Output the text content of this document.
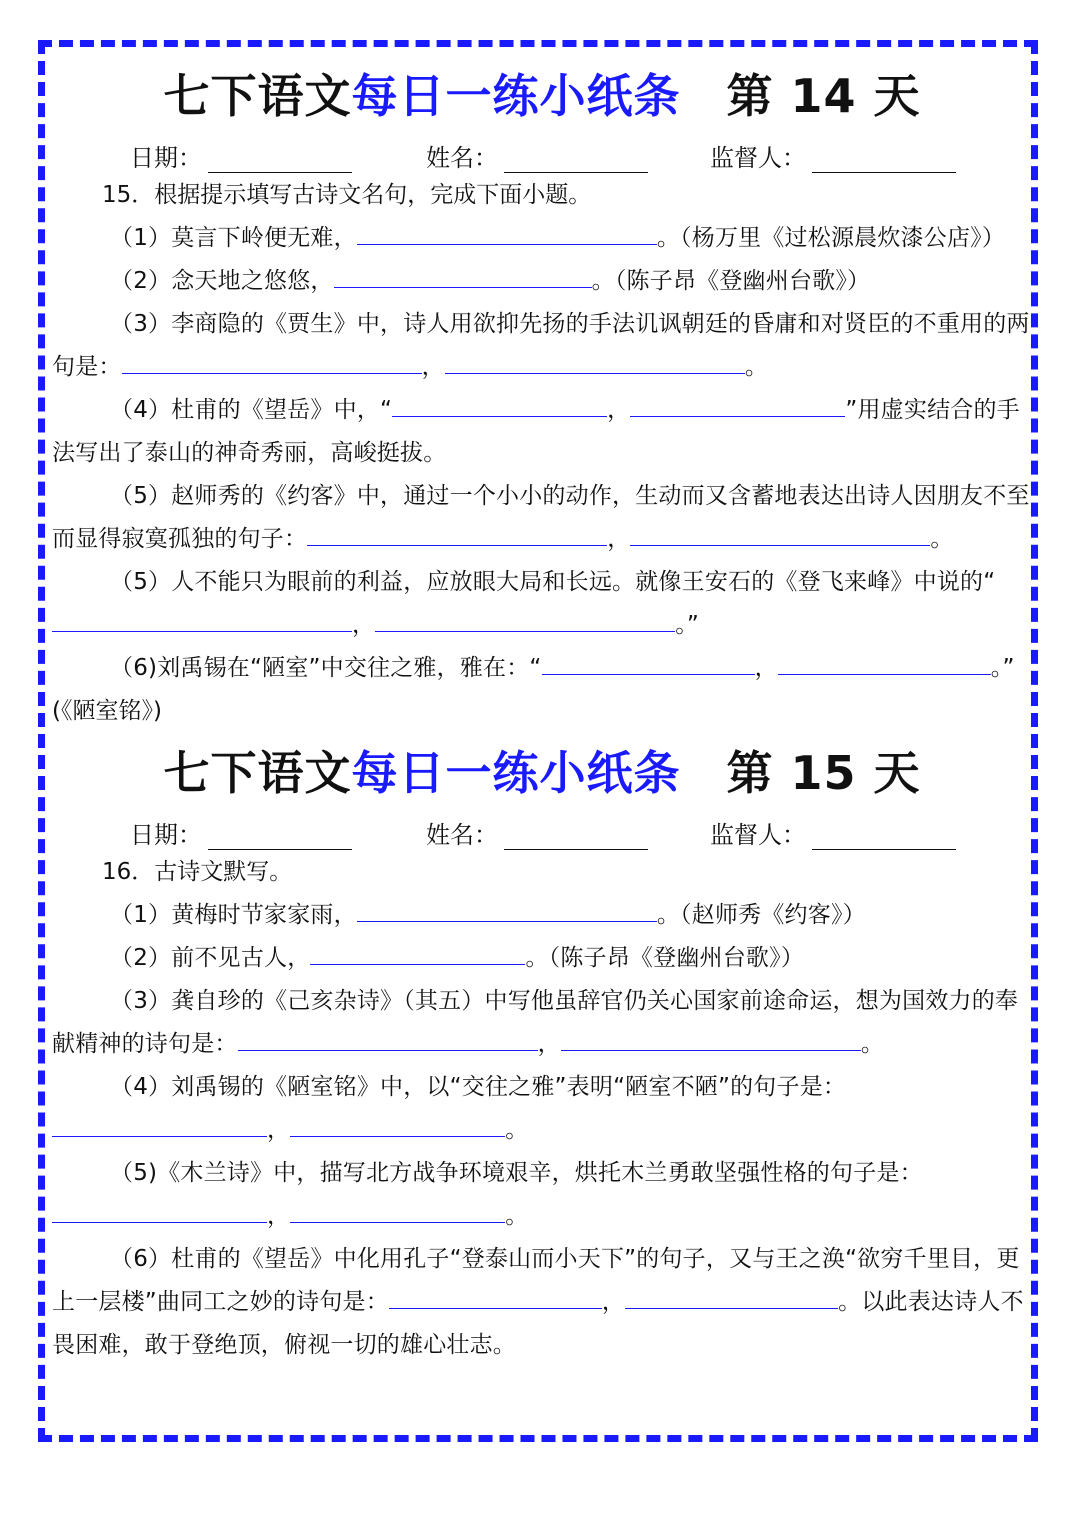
七下语文每日一练小纸条 第 14 天
日期：	姓名：	监督人：
15．根据提示填写古诗文名句，完成下面小题。

（1）莫言下岭便无难，	。（杨万里《过松源晨炊漆公店》）

（2）念天地之悠悠，	。（陈子昂《登幽州台歌》）

（3）李商隐的《贾生》中，诗人用欲抑先扬的手法讥讽朝廷的昏庸和对贤臣的不重用的两句是：	，	。

（4）杜甫的《望岳》中，“	，	”用虚实结合的手法写出了泰山的神奇秀丽，高峻挺拔。

（5）赵师秀的《约客》中，通过一个小小的动作，生动而又含蓄地表达出诗人因朋友不至而显得寂寞孤独的句子：	，	。

（5）人不能只为眼前的利益，应放眼大局和长远。就像王安石的《登飞来峰》中说的“，	。”

（6)刘禹锡在“陋室”中交往之雅，雅在：“	，	。”

(《陋室铭》)
七下语文每日一练小纸条 第 15 天
日期：	姓名：	监督人：
16．古诗文默写。

（1）黄梅时节家家雨，	。（赵师秀《约客》）

（2）前不见古人，	。（陈子昂《登幽州台歌》）

（3）龚自珍的《己亥杂诗》（其五）中写他虽辞官仍关心国家前途命运，想为国效力的奉献精神的诗句是：	，	。

（4）刘禹锡的《陋室铭》中，以“交往之雅”表明“陋室不陋”的句子是：，	。

（5)《木兰诗》中，描写北方战争环境艰辛，烘托木兰勇敢坚强性格的句子是：，	。

（6）杜甫的《望岳》中化用孔子“登泰山而小天下”的句子，又与王之涣“欲穷千里目，更上一层楼”曲同工之妙的诗句是：	，	。以此表达诗人不畏困难，敢于登绝顶，俯视一切的雄心壮志。
